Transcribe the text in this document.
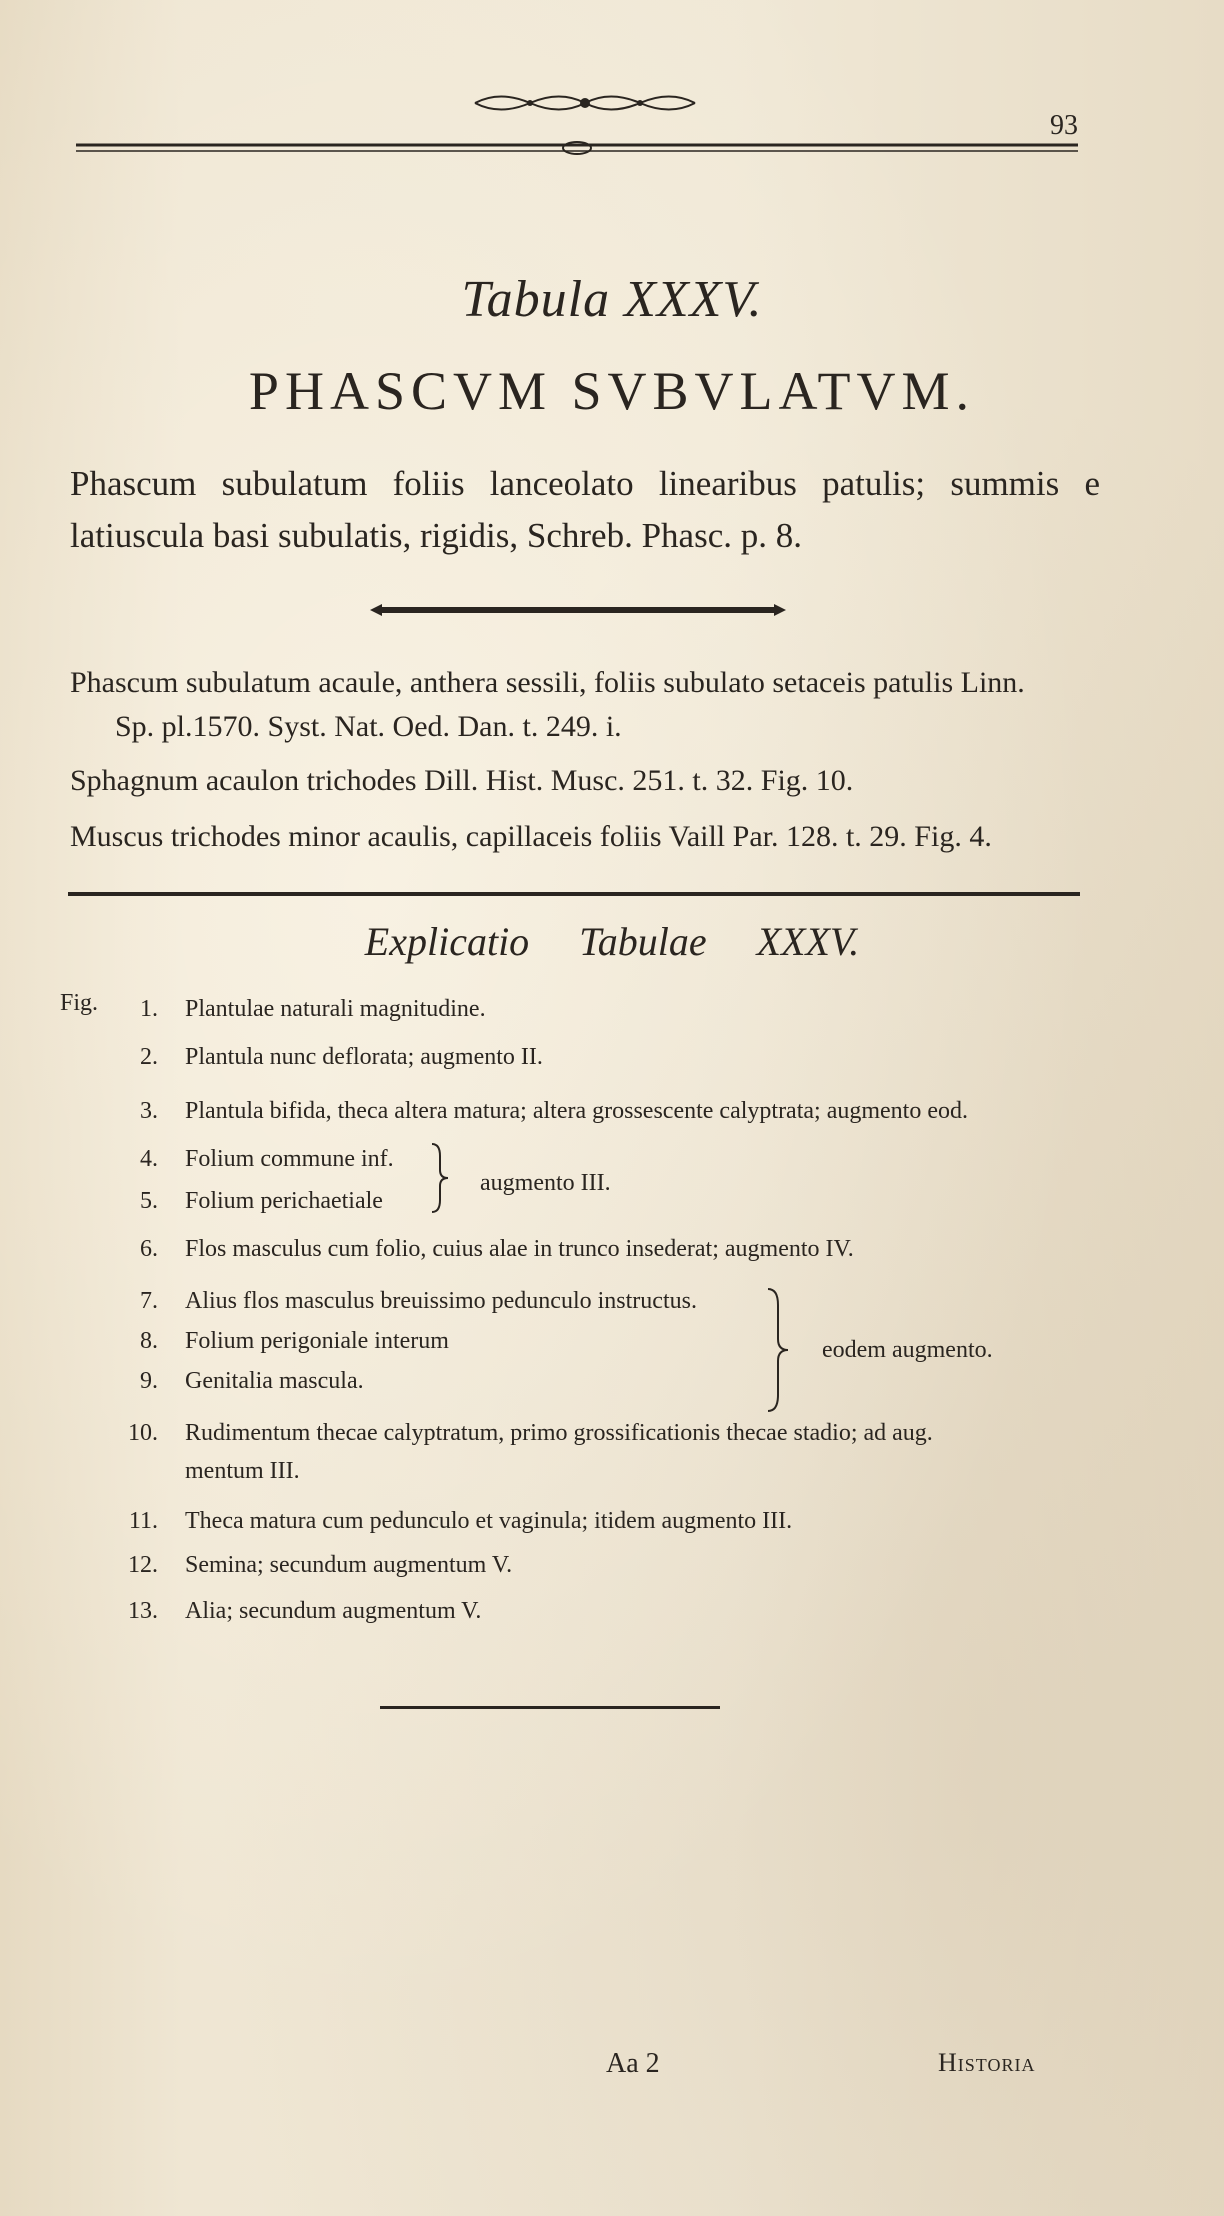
93
Tabula XXXV.
PHASCVM SVBVLATVM.
Phascum subulatum foliis lanceolato linearibus patulis; summis e latiuscula basi subulatis, rigidis, Schreb. Phasc. p. 8.
Phascum subulatum acaule, anthera sessili, foliis subulato setaceis patulis Linn.
Sp. pl.1570. Syst. Nat. Oed. Dan. t. 249. i.
Sphagnum acaulon trichodes Dill. Hist. Musc. 251. t. 32. Fig. 10.
Muscus trichodes minor acaulis, capillaceis foliis Vaill Par. 128. t. 29. Fig. 4.
Explicatio Tabulae XXXV.
Fig.	1. Plantulae naturali magnitudine.
2. Plantula nunc deflorata; augmento II.
3. Plantula bifida, theca altera matura; altera grossescente calyptrata; augmento eod.
4. Folium commune inf.
5. Folium perichaetiale
augmento III.
6. Flos masculus cum folio, cuius alae in trunco insederat; augmento IV.
7. Alius flos masculus breuissimo pedunculo instructus.
8. Folium perigoniale interum
9. Genitalia mascula.
eodem augmento.
10. Rudimentum thecae calyptratum, primo grossificationis thecae stadio; ad aug.
mentum III.
11. Theca matura cum pedunculo et vaginula; itidem augmento III.
12. Semina; secundum augmentum V.
13. Alia; secundum augmentum V.
Aa 2	Historia
